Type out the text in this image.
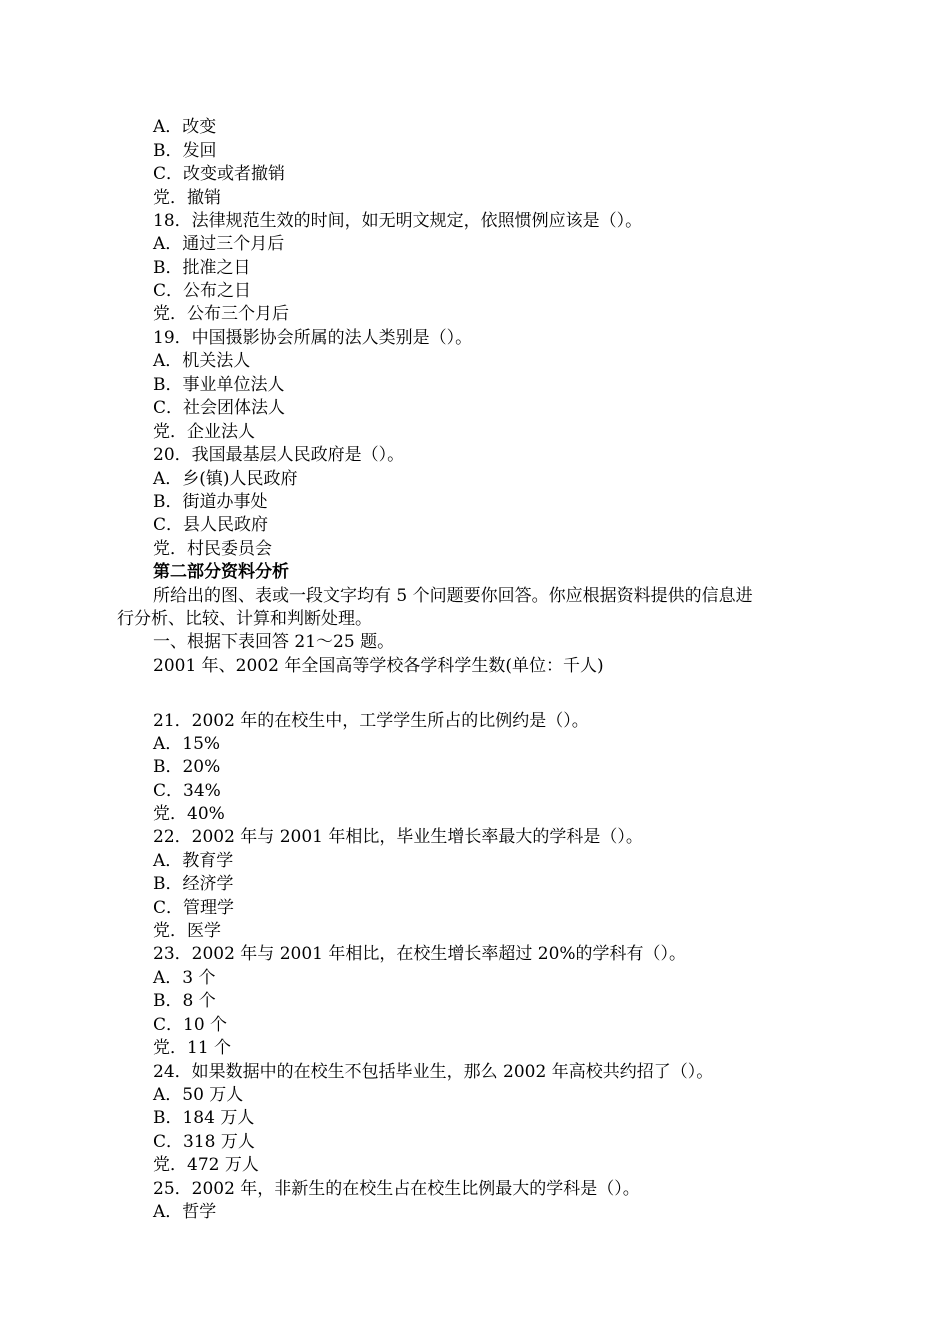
A．改变
B．发回
C．改变或者撤销
党．撤销
18．法律规范生效的时间，如无明文规定，依照惯例应该是（）。
A．通过三个月后
B．批准之日
C．公布之日
党．公布三个月后
19．中国摄影协会所属的法人类别是（）。
A．机关法人
B．事业单位法人
C．社会团体法人
党．企业法人
20．我国最基层人民政府是（）。
A．乡(镇)人民政府
B．街道办事处
C．县人民政府
党．村民委员会
第二部分资料分析
所给出的图、表或一段文字均有 5 个问题要你回答。你应根据资料提供的信息进
行分析、比较、计算和判断处理。
一、根据下表回答 21～25 题。
2001 年、2002 年全国高等学校各学科学生数(单位：千人)
21．2002 年的在校生中，工学学生所占的比例约是（）。
A．15%
B．20%
C．34%
党．40%
22．2002 年与 2001 年相比，毕业生增长率最大的学科是（）。
A．教育学
B．经济学
C．管理学
党．医学
23．2002 年与 2001 年相比，在校生增长率超过 20%的学科有（）。
A．3 个
B．8 个
C．10 个
党．11 个
24．如果数据中的在校生不包括毕业生，那么 2002 年高校共约招了（）。
A．50 万人
B．184 万人
C．318 万人
党．472 万人
25．2002 年，非新生的在校生占在校生比例最大的学科是（）。
A．哲学
